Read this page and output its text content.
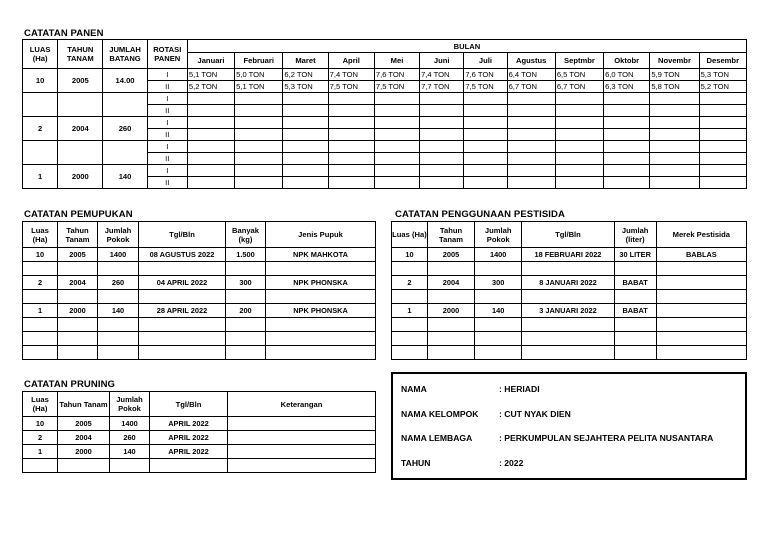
CATATAN PANEN
LUAS (Ha)	TAHUN TANAM	JUMLAH BATANG	ROTASI PANEN	BULAN											
				Januari	Februari	Maret	April	Mei	Juni	Juli	Agustus	Septmbr	Oktobr	Novembr	Desembr
10	2005	14.00	I	5,1 TON	5,0 TON	6,2 TON	7,4 TON	7,6 TON	7,4 TON	7,6 TON	6,4 TON	6,5 TON	6,0 TON	5,9 TON	5,3 TON
			II	5,2 TON	5,1 TON	5,3 TON	7,5 TON	7,5 TON	7,7 TON	7,5 TON	6,7 TON	6,7 TON	6,3 TON	5,8 TON	5,2 TON
			I												
			II												
2	2004	260	I												
			II												
			I												
			II												
1	2000	140	I												
			II												
CATATAN PEMUPUKAN
Luas (Ha)	Tahun Tanam	Jumlah Pokok	Tgl/Bln	Banyak (kg)	Jenis Pupuk
10	2005	1400	08 AGUSTUS 2022	1.500	NPK MAHKOTA

2	2004	260	04 APRIL 2022	300	NPK PHONSKA

1	2000	140	28 APRIL 2022	200	NPK PHONSKA

CATATAN PENGGUNAAN PESTISIDA
Luas (Ha)	Tahun Tanam	Jumlah Pokok	Tgl/Bln	Jumlah (liter)	Merek Pestisida
10	2005	1400	18 FEBRUARI 2022	30 LITER	BABLAS

2	2004	300	8 JANUARI 2022	BABAT	

1	2000	140	3 JANUARI 2022	BABAT	

CATATAN PRUNING
Luas (Ha)	Tahun Tanam	Jumlah Pokok	Tgl/Bln	Keterangan
10	2005	1400	APRIL 2022	
2	2004	260	APRIL 2022	
1	2000	140	APRIL 2022	

NAMA	: HERIADI
NAMA KELOMPOK : CUT NYAK DIEN
NAMA LEMBAGA	: PERKUMPULAN SEJAHTERA PELITA NUSANTARA
TAHUN	: 2022
